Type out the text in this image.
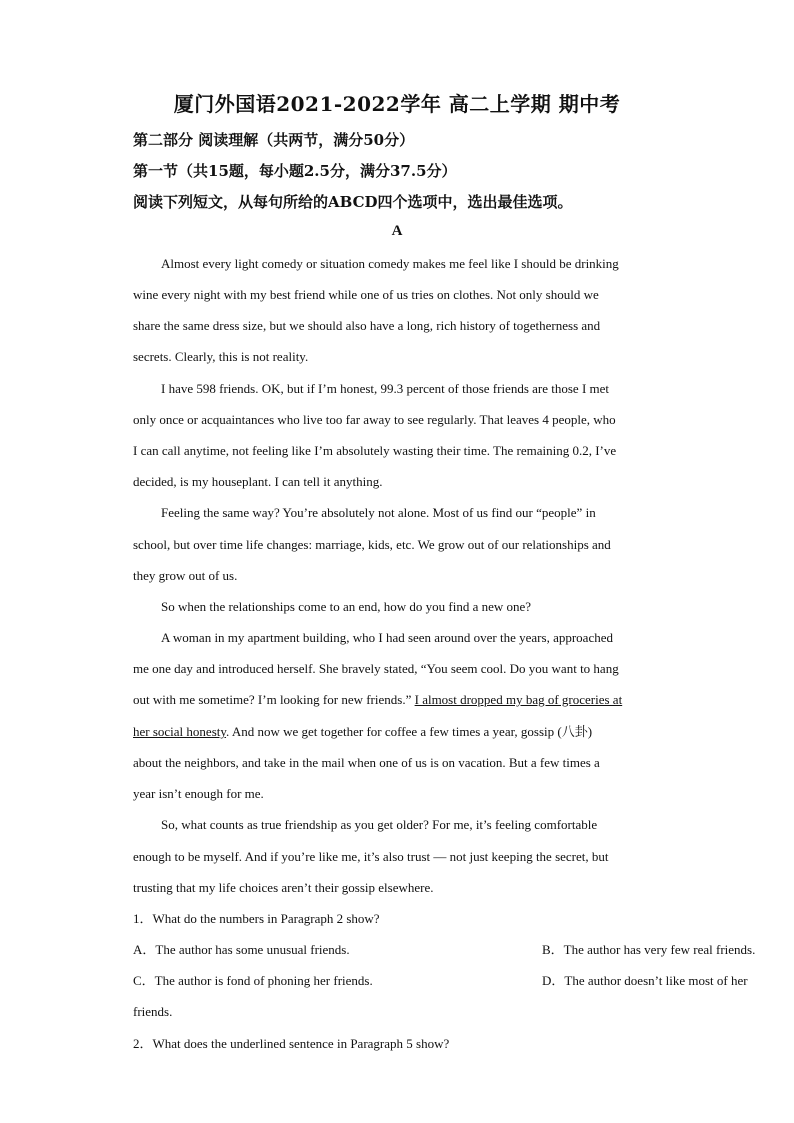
厦门外国语2021-2022学年 高二上学期 期中考
第二部分 阅读理解（共两节，满分50分）
第一节（共15题，每小题2.5分，满分37.5分）
阅读下列短文，从每句所给的ABCD四个选项中，选出最佳选项。
A
Almost every light comedy or situation comedy makes me feel like I should be drinking
wine every night with my best friend while one of us tries on clothes. Not only should we
share the same dress size, but we should also have a long, rich history of togetherness and
secrets. Clearly, this is not reality.
I have 598 friends. OK, but if I’m honest, 99.3 percent of those friends are those I met
only once or acquaintances who live too far away to see regularly. That leaves 4 people, who
I can call anytime, not feeling like I’m absolutely wasting their time. The remaining 0.2, I’ve
decided, is my houseplant. I can tell it anything.
Feeling the same way? You’re absolutely not alone. Most of us find our “people” in
school, but over time life changes: marriage, kids, etc. We grow out of our relationships and
they grow out of us.
So when the relationships come to an end, how do you find a new one?
A woman in my apartment building, who I had seen around over the years, approached
me one day and introduced herself. She bravely stated, “You seem cool. Do you want to hang
out with me sometime? I’m looking for new friends.” I almost dropped my bag of groceries at
her social honesty. And now we get together for coffee a few times a year, gossip (八卦)
about the neighbors, and take in the mail when one of us is on vacation. But a few times a
year isn’t enough for me.
So, what counts as true friendship as you get older? For me, it’s feeling comfortable
enough to be myself. And if you’re like me, it’s also trust — not just keeping the secret, but
trusting that my life choices aren’t their gossip elsewhere.
1．What do the numbers in Paragraph 2 show?
A．The author has some unusual friends.	B．The author has very few real friends.
C．The author is fond of phoning her friends.	D．The author doesn’t like most of her
friends.
2．What does the underlined sentence in Paragraph 5 show?
